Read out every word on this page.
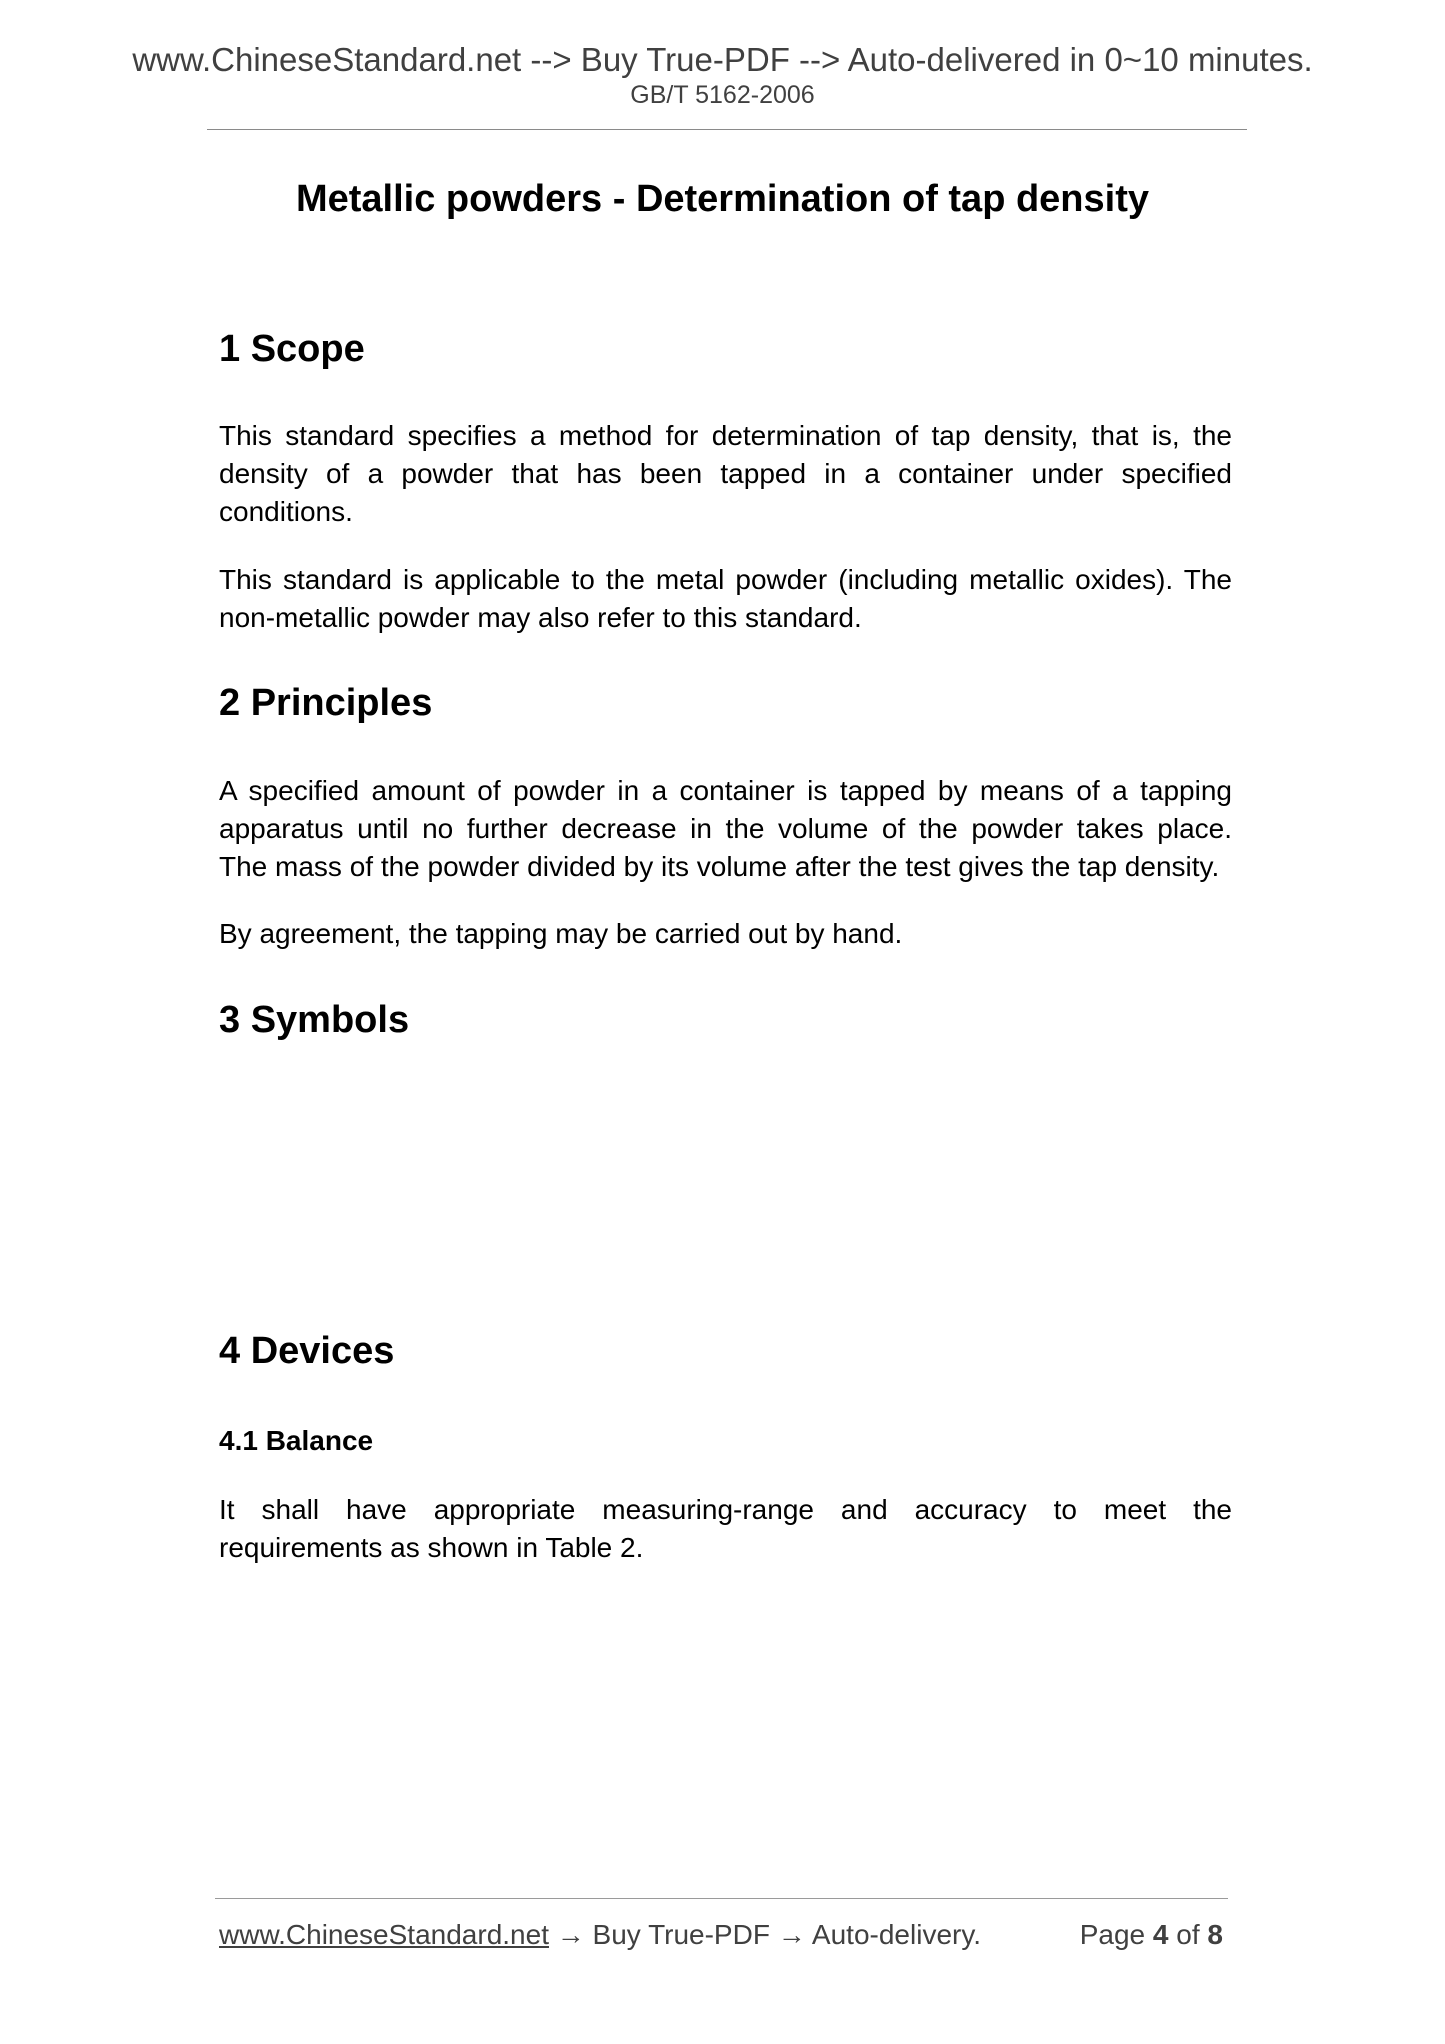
www.ChineseStandard.net --> Buy True-PDF --> Auto-delivered in 0~10 minutes.
GB/T 5162-2006
Metallic powders - Determination of tap density
1 Scope
This standard specifies a method for determination of tap density, that is, the
density of a powder that has been tapped in a container under specified
conditions.
This standard is applicable to the metal powder (including metallic oxides). The
non-metallic powder may also refer to this standard.
2 Principles
A specified amount of powder in a container is tapped by means of a tapping
apparatus until no further decrease in the volume of the powder takes place.
The mass of the powder divided by its volume after the test gives the tap density.
By agreement, the tapping may be carried out by hand.
3 Symbols
4 Devices
4.1 Balance
It shall have appropriate measuring-range and accuracy to meet the
requirements as shown in Table 2.
www.ChineseStandard.net → Buy True-PDF → Auto-delivery.	Page 4 of 8
